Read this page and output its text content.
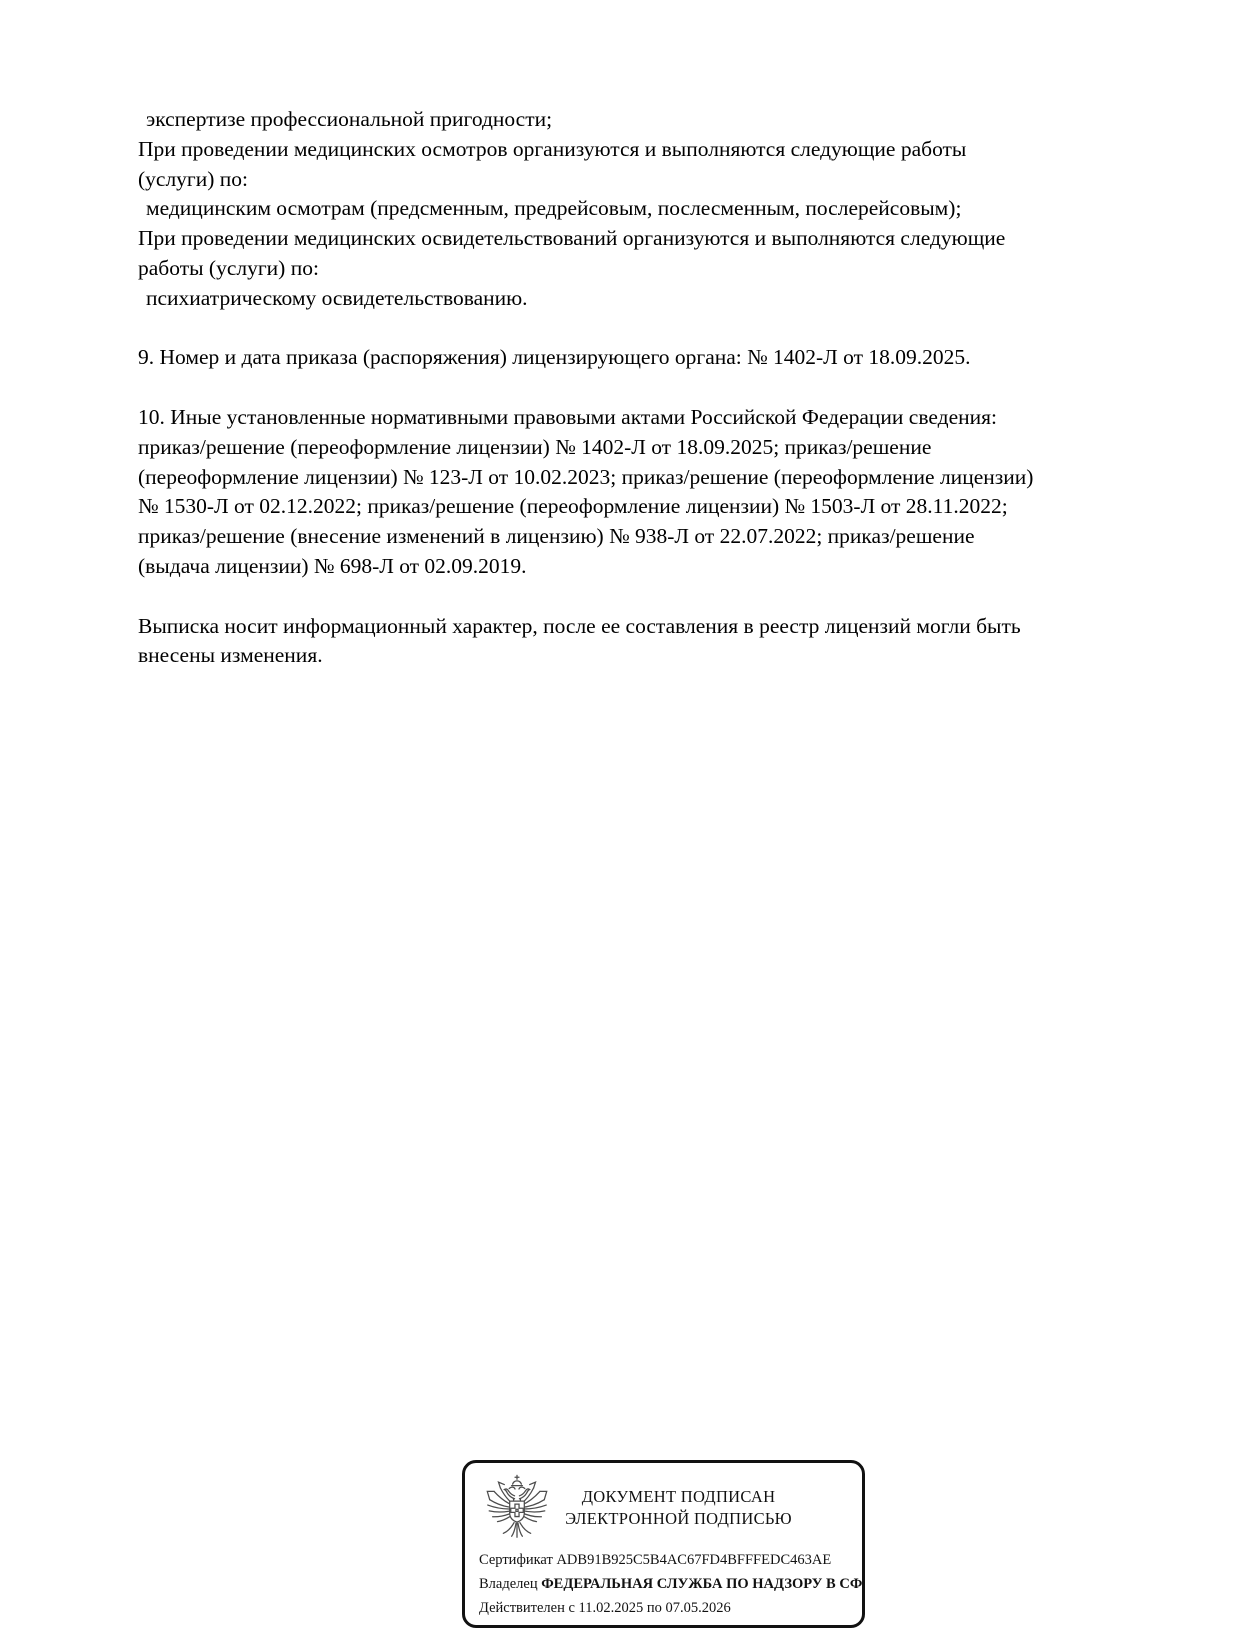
экспертизе профессиональной пригодности;
При проведении медицинских осмотров организуются и выполняются следующие работы
(услуги) по:
медицинским осмотрам (предсменным, предрейсовым, послесменным, послерейсовым);
При проведении медицинских освидетельствований организуются и выполняются следующие
работы (услуги) по:
психиатрическому освидетельствованию.
9. Номер и дата приказа (распоряжения) лицензирующего органа: № 1402-Л от 18.09.2025.
10. Иные установленные нормативными правовыми актами Российской Федерации сведения:
приказ/решение (переоформление лицензии) № 1402-Л от 18.09.2025; приказ/решение
(переоформление лицензии) № 123-Л от 10.02.2023; приказ/решение (переоформление лицензии)
№ 1530-Л от 02.12.2022; приказ/решение (переоформление лицензии) № 1503-Л от 28.11.2022;
приказ/решение (внесение изменений в лицензию) № 938-Л от 22.07.2022; приказ/решение
(выдача лицензии) № 698-Л от 02.09.2019.
Выписка носит информационный характер, после ее составления в реестр лицензий могли быть
внесены изменения.
ДОКУМЕНТ ПОДПИСАН
ЭЛЕКТРОННОЙ ПОДПИСЬЮ
Сертификат ADB91B925C5B4AC67FD4BFFFEDC463AE
Владелец ФЕДЕРАЛЬНАЯ СЛУЖБА ПО НАДЗОРУ В СФ
Действителен с 11.02.2025 по 07.05.2026
